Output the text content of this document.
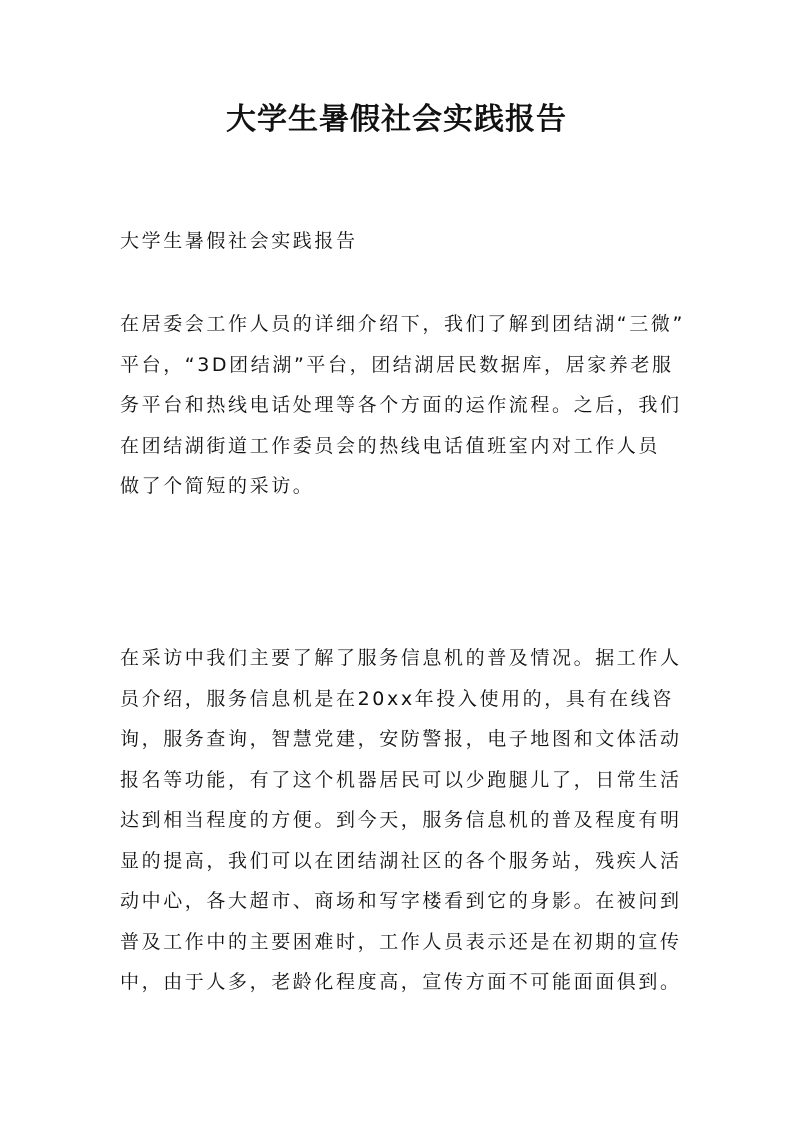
大学生暑假社会实践报告

大学生暑假社会实践报告

在居委会工作人员的详细介绍下，我们了解到团结湖“三微”
平台，“3D团结湖”平台，团结湖居民数据库，居家养老服
务平台和热线电话处理等各个方面的运作流程。之后，我们
在团结湖街道工作委员会的热线电话值班室内对工作人员
做了个简短的采访。

在采访中我们主要了解了服务信息机的普及情况。据工作人
员介绍，服务信息机是在20xx年投入使用的，具有在线咨
询，服务查询，智慧党建，安防警报，电子地图和文体活动
报名等功能，有了这个机器居民可以少跑腿儿了，日常生活
达到相当程度的方便。到今天，服务信息机的普及程度有明
显的提高，我们可以在团结湖社区的各个服务站，残疾人活
动中心，各大超市、商场和写字楼看到它的身影。在被问到
普及工作中的主要困难时，工作人员表示还是在初期的宣传
中，由于人多，老龄化程度高，宣传方面不可能面面俱到。
